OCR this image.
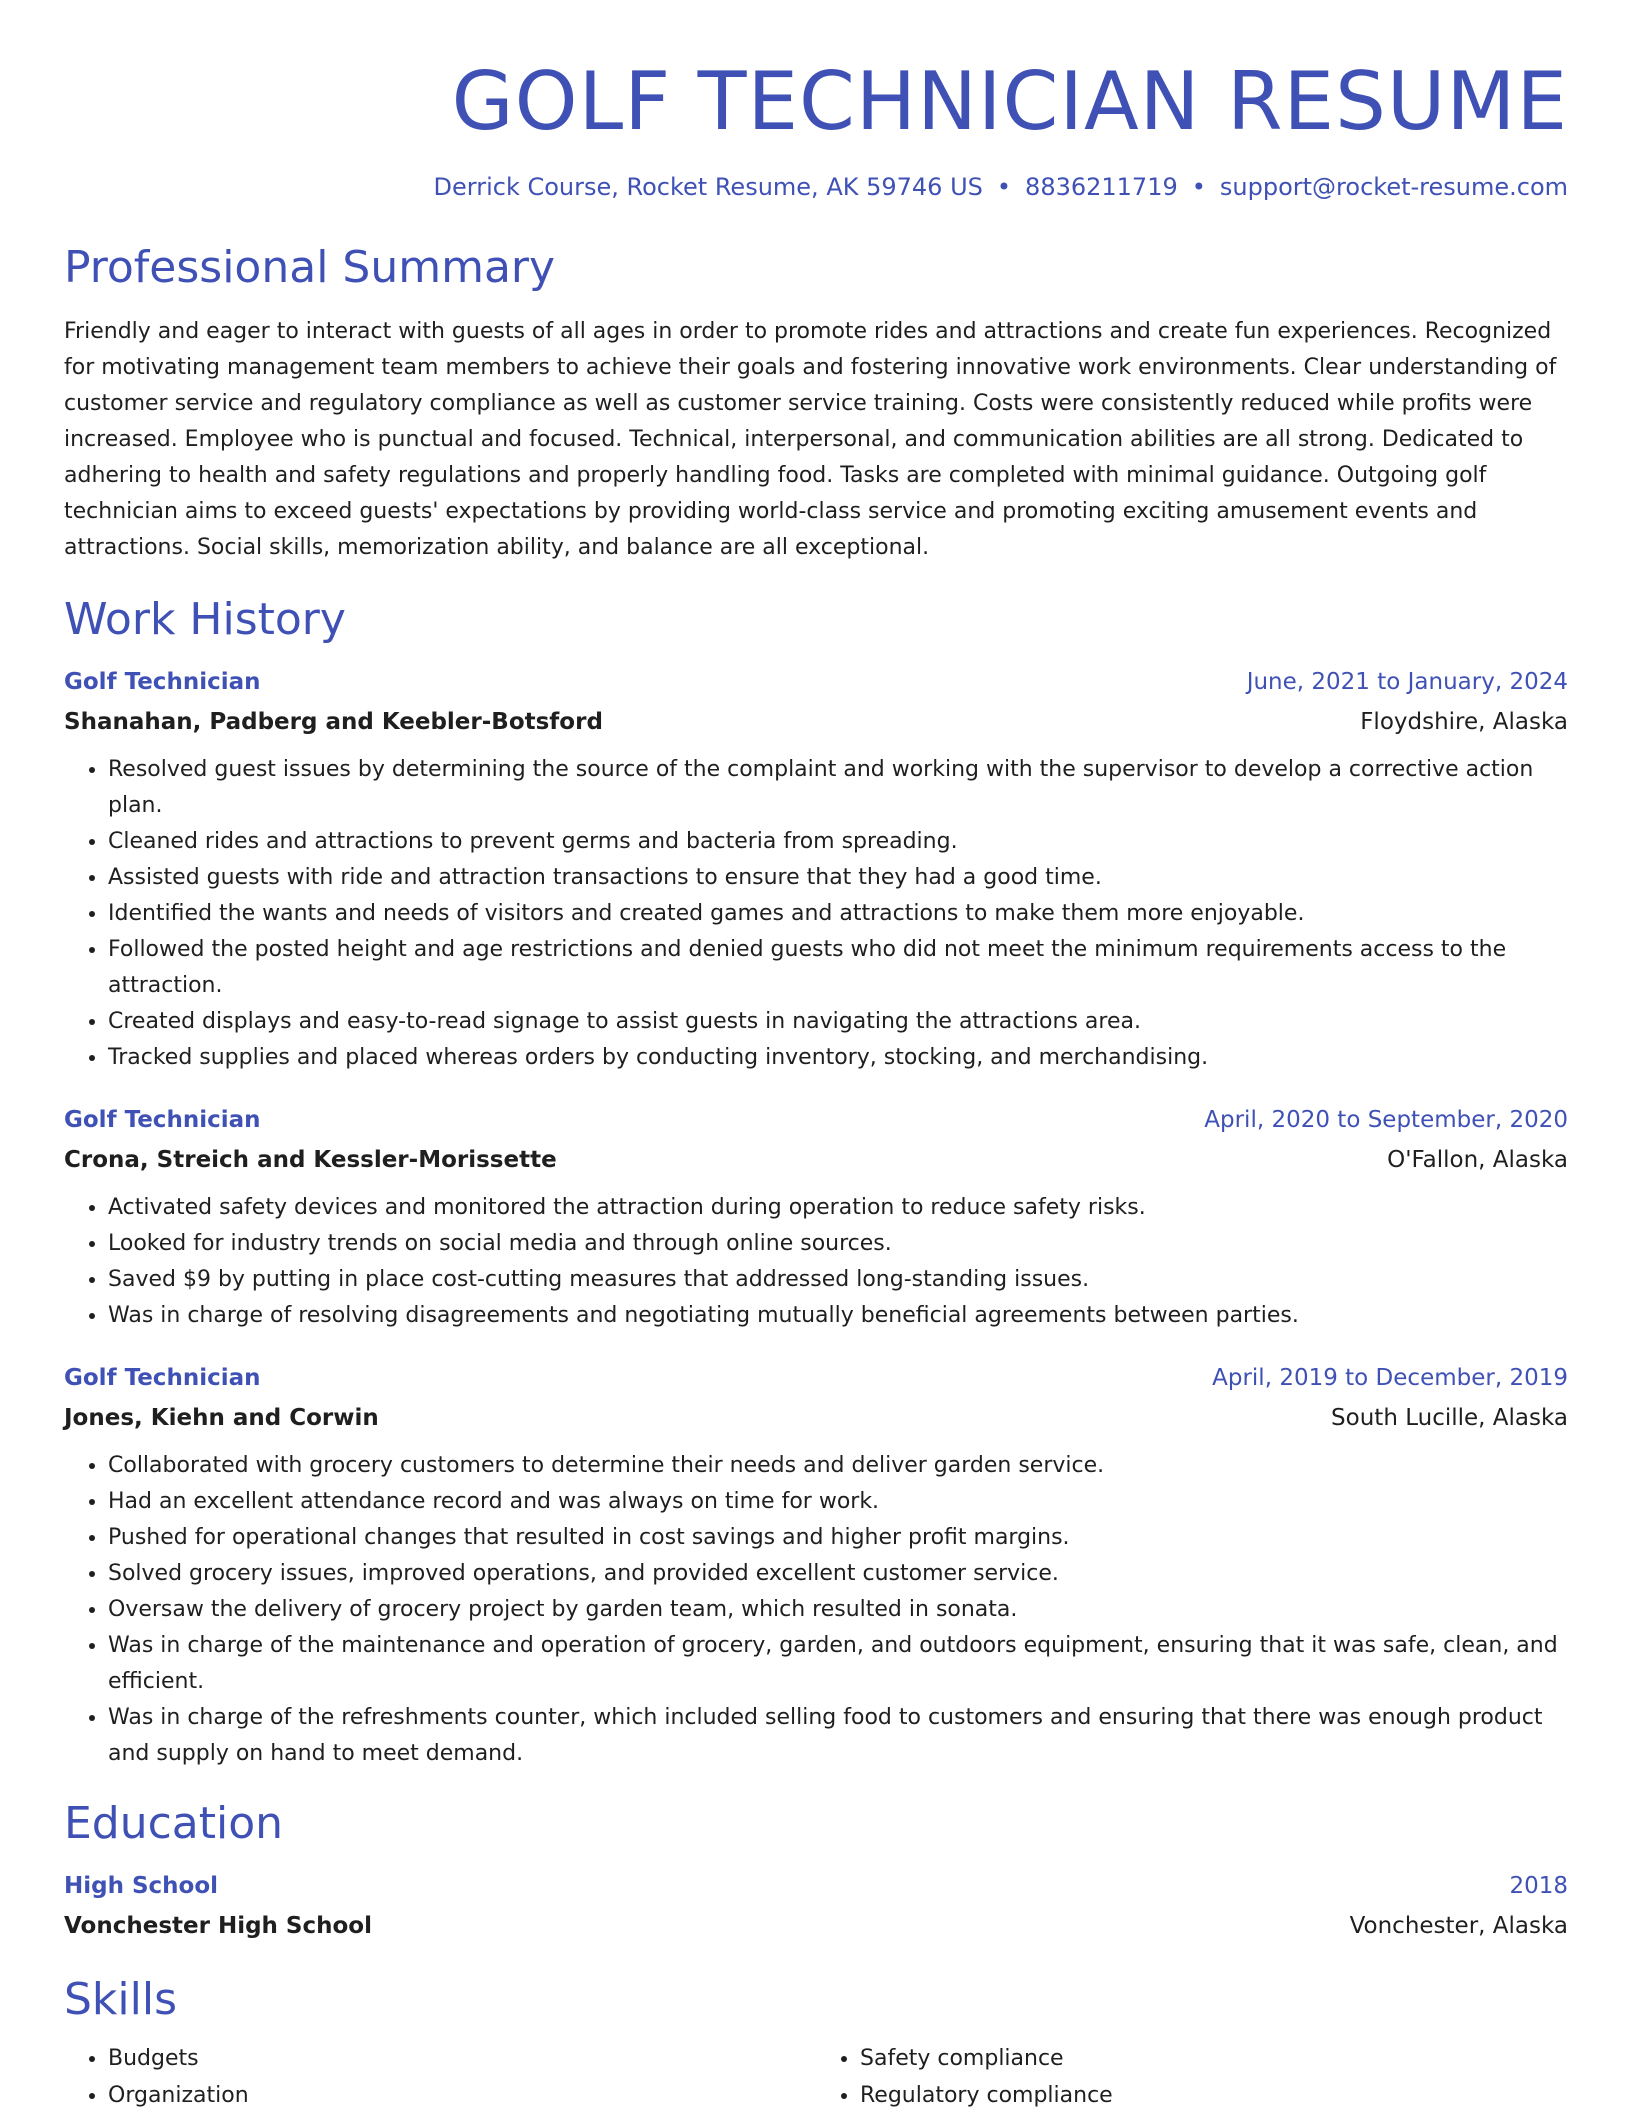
GOLF TECHNICIAN RESUME
Derrick Course, Rocket Resume, AK 59746 US • 8836211719 • support@rocket-resume.com
Professional Summary

Friendly and eager to interact with guests of all ages in order to promote rides and attractions and create fun experiences. Recognized for motivating management team members to achieve their goals and fostering innovative work environments. Clear understanding of customer service and regulatory compliance as well as customer service training. Costs were consistently reduced while profits were increased. Employee who is punctual and focused. Technical, interpersonal, and communication abilities are all strong. Dedicated to adhering to health and safety regulations and properly handling food. Tasks are completed with minimal guidance. Outgoing golf technician aims to exceed guests' expectations by providing world-class service and promoting exciting amusement events and attractions. Social skills, memorization ability, and balance are all exceptional.

Work History
Golf Technician	June, 2021 to January, 2024
Shanahan, Padberg and Keebler-Botsford	Floydshire, Alaska
• Resolved guest issues by determining the source of the complaint and working with the supervisor to develop a corrective action plan.
• Cleaned rides and attractions to prevent germs and bacteria from spreading.
• Assisted guests with ride and attraction transactions to ensure that they had a good time.
• Identified the wants and needs of visitors and created games and attractions to make them more enjoyable.
• Followed the posted height and age restrictions and denied guests who did not meet the minimum requirements access to the attraction.
• Created displays and easy-to-read signage to assist guests in navigating the attractions area.
• Tracked supplies and placed whereas orders by conducting inventory, stocking, and merchandising.
Golf Technician	April, 2020 to September, 2020
Crona, Streich and Kessler-Morissette	O'Fallon, Alaska
• Activated safety devices and monitored the attraction during operation to reduce safety risks.
• Looked for industry trends on social media and through online sources.
• Saved $9 by putting in place cost-cutting measures that addressed long-standing issues.
• Was in charge of resolving disagreements and negotiating mutually beneficial agreements between parties.
Golf Technician	April, 2019 to December, 2019
Jones, Kiehn and Corwin	South Lucille, Alaska
• Collaborated with grocery customers to determine their needs and deliver garden service.
• Had an excellent attendance record and was always on time for work.
• Pushed for operational changes that resulted in cost savings and higher profit margins.
• Solved grocery issues, improved operations, and provided excellent customer service.
• Oversaw the delivery of grocery project by garden team, which resulted in sonata.
• Was in charge of the maintenance and operation of grocery, garden, and outdoors equipment, ensuring that it was safe, clean, and efficient.
• Was in charge of the refreshments counter, which included selling food to customers and ensuring that there was enough product and supply on hand to meet demand.
Education
High School	2018
Vonchester High School	Vonchester, Alaska
Skills
• Budgets
• Organization
• Safety compliance
• Regulatory compliance
